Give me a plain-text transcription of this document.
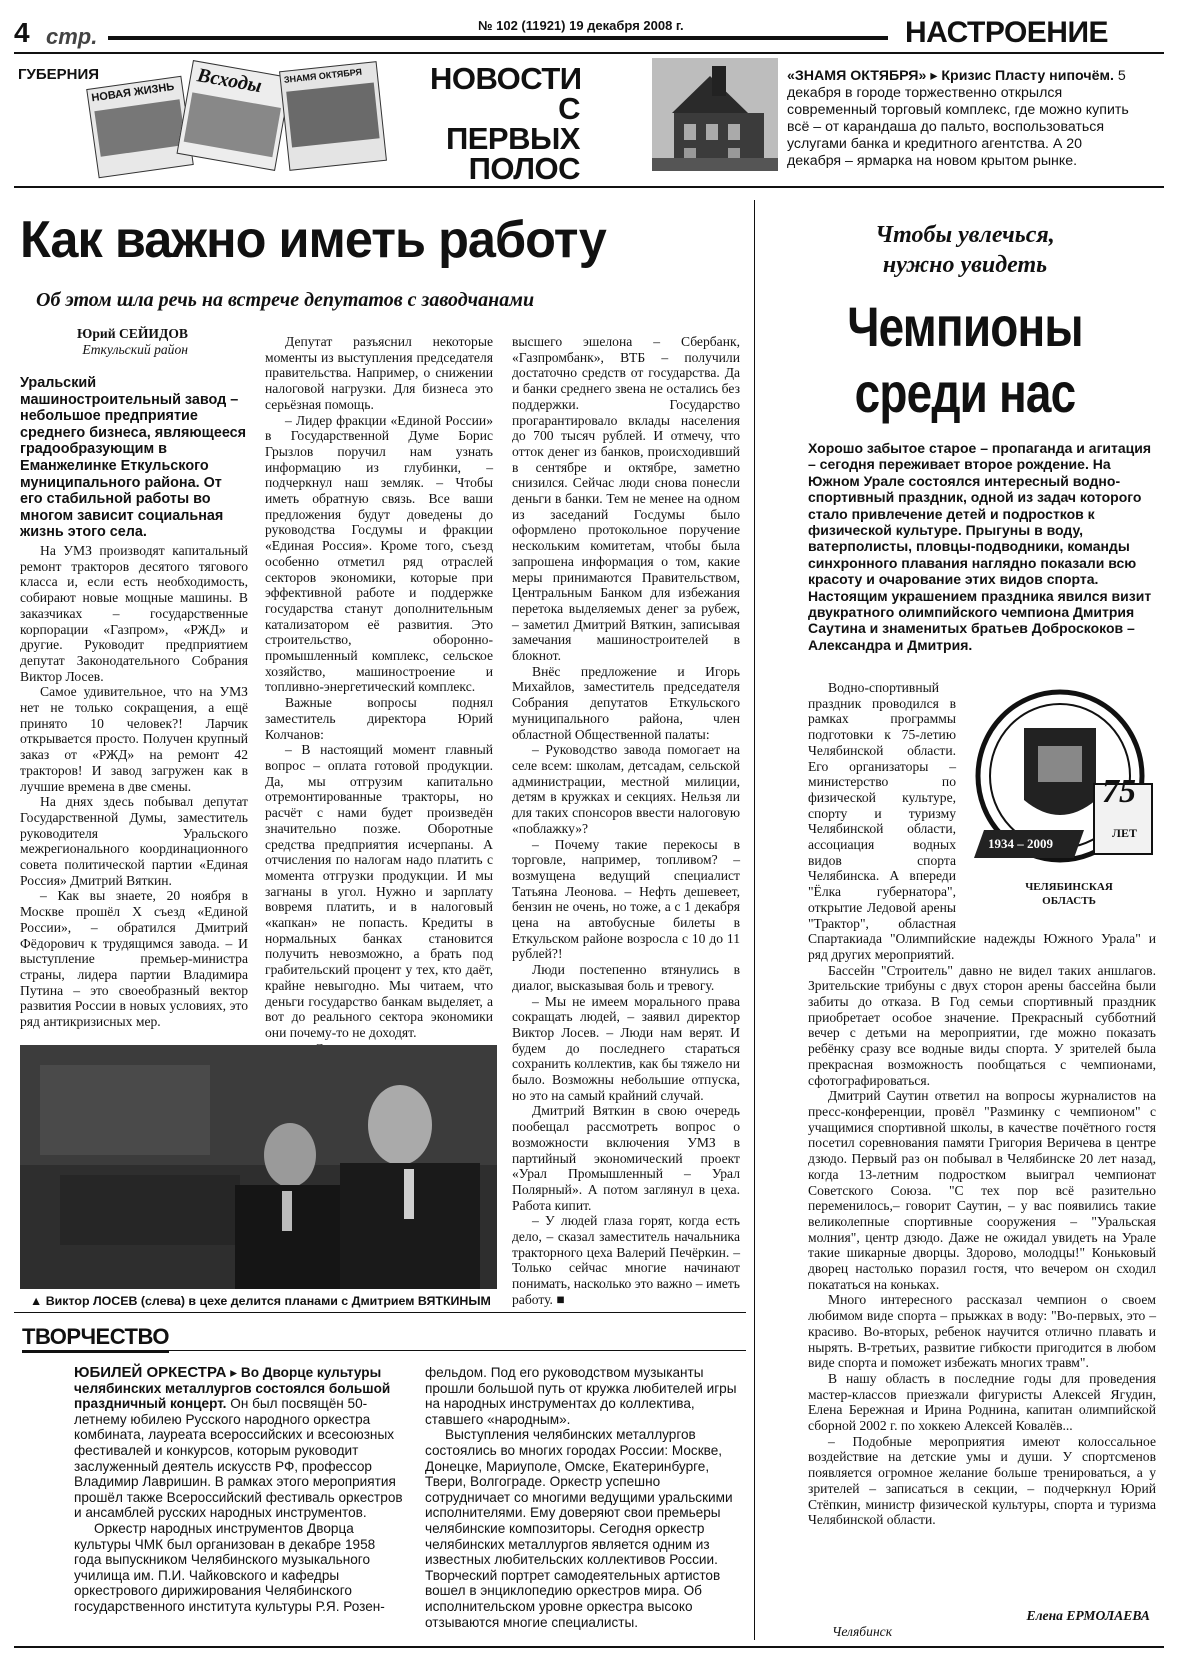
4 стр.	№ 102 (11921) 19 декабря 2008 г.	НАСТРОЕНИЕ
ГУБЕРНИЯ
НОВАЯ ЖИЗНЬ	Всходы	ЗНАМЯ ОКТЯБРЯ	НОВОСТИ
С ПЕРВЫХ
ПОЛОС
«ЗНАМЯ ОКТЯБРЯ» ▸ Кризис Пласту нипочём. 5 декабря в городе торжественно открылся современный торговый комплекс, где можно купить всё – от карандаша до пальто, воспользоваться услугами банка и кредитного агентства. А 20 декабря – ярмарка на новом крытом рынке.
Как важно иметь работу
Об этом шла речь на встрече депутатов с заводчанами
Юрий СЕЙИДОВ
Еткульский район
Уральский машиностроительный завод – небольшое предприятие среднего бизнеса, являющееся градообразующим в Еманжелинке Еткульского муниципального района. От его стабильной работы во многом зависит социальная жизнь этого села.

На УМЗ производят капитальный ремонт тракторов десятого тягового класса и, если есть необходимость, собирают новые мощные машины. В заказчиках – государственные корпорации «Газпром», «РЖД» и другие. Руководит предприятием депутат Законодательного Собрания Виктор Лосев.

Самое удивительное, что на УМЗ нет не только сокращения, а ещё принято 10 человек?! Ларчик открывается просто. Получен крупный заказ от «РЖД» на ремонт 42 тракторов! И завод загружен как в лучшие времена в две смены.

На днях здесь побывал депутат Государственной Думы, заместитель руководителя Уральского межрегионального координационного совета политической партии «Единая Россия» Дмитрий Вяткин.

– Как вы знаете, 20 ноября в Москве прошёл Х съезд «Единой России», – обратился Дмитрий Фёдорович к трудящимся завода. – И выступление премьер-министра страны, лидера партии Владимира Путина – это своеобразный вектор развития России в новых условиях, это ряд антикризисных мер.

Депутат разъяснил некоторые моменты из выступления председателя правительства. Например, о снижении налоговой нагрузки. Для бизнеса это серьёзная помощь.

– Лидер фракции «Единой России» в Государственной Думе Борис Грызлов поручил нам узнать информацию из глубинки, – подчеркнул наш земляк. – Чтобы иметь обратную связь. Все ваши предложения будут доведены до руководства Госдумы и фракции «Единая Россия». Кроме того, съезд особенно отметил ряд отраслей секторов экономики, которые при эффективной работе и поддержке государства станут дополнительным катализатором её развития. Это строительство, оборонно-промышленный комплекс, сельское хозяйство, машиностроение и топливно-энергетический комплекс.

Важные вопросы поднял заместитель директора Юрий Колчанов:

– В настоящий момент главный вопрос – оплата готовой продукции. Да, мы отгрузим капитально отремонтированные тракторы, но расчёт с нами будет произведён значительно позже. Оборотные средства предприятия исчерпаны. А отчисления по налогам надо платить с момента отгрузки продукции. И мы загнаны в угол. Нужно и зарплату вовремя платить, и в налоговый «капкан» не попасть. Кредиты в нормальных банках становится получить невозможно, а брать под грабительский процент у тех, кто даёт, крайне невыгодно. Мы читаем, что деньги государство банкам выделяет, а вот до реального сектора экономики они почему-то не доходят.

высшего эшелона – Сбербанк, «Газпромбанк», ВТБ – получили достаточно средств от государства. Да и банки среднего звена не остались без поддержки. Государство прогарантировало вклады населения до 700 тысяч рублей. И отмечу, что отток денег из банков, происходивший в сентябре и октябре, заметно снизился. Сейчас люди снова понесли деньги в банки. Тем не менее на одном из заседаний Госдумы было оформлено протокольное поручение нескольким комитетам, чтобы была запрошена информация о том, какие меры принимаются Правительством, Центральным Банком для избежания перетока выделяемых денег за рубеж, – заметил Дмитрий Вяткин, записывая замечания машиностроителей в блокнот.

Внёс предложение и Игорь Михайлов, заместитель председателя Собрания депутатов Еткульского муниципального района, член областной Общественной палаты:

– Руководство завода помогает на селе всем: школам, детсадам, сельской администрации, местной милиции, детям в кружках и секциях. Нельзя ли для таких спонсоров ввести налоговую «поблажку»?

– Почему такие перекосы в торговле, например, топливом? – возмущена ведущий специалист Татьяна Леонова. – Нефть дешевеет, бензин не очень, но тоже, а с 1 декабря цена на автобусные билеты в Еткульском районе возросла с 10 до 11 рублей?!

Люди постепенно втянулись в диалог, высказывая боль и тревогу.

– Мы не имеем морального права сокращать людей, – заявил директор Виктор Лосев. – Люди нам верят. И будем до последнего стараться сохранить коллектив, как бы тяжело ни было. Возможны небольшие отпуска, но это на самый крайний случай.

Дмитрий Вяткин в свою очередь пообещал рассмотреть вопрос о возможности включения УМЗ в партийный экономический проект «Урал Промышленный – Урал Полярный». А потом заглянул в цеха. Работа кипит.

– У людей глаза горят, когда есть дело, – сказал заместитель начальника тракторного цеха Валерий Печёркин. – Только сейчас многие начинают понимать, насколько это важно – иметь работу. ■

▲ Виктор ЛОСЕВ (слева) в цехе делится планами с Дмитрием ВЯТКИНЫМ
ТВОРЧЕСТВО
ЮБИЛЕЙ ОРКЕСТРА ▸ Во Дворце культуры челябинских металлургов состоялся большой праздничный концерт. Он был посвящён 50-летнему юбилею Русского народного оркестра комбината, лауреата всероссийских и всесоюзных фестивалей и конкурсов, которым руководит заслуженный деятель искусств РФ, профессор Владимир Лавришин. В рамках этого мероприятия прошёл также Всероссийский фестиваль оркестров и ансамблей русских народных инструментов.
Оркестр народных инструментов Дворца культуры ЧМК был организован в декабре 1958 года выпускником Челябинского музыкального училища им. П.И. Чайковского и кафедры оркестрового дирижирования Челябинского государственного института культуры Р.Я. Розен-
фельдом. Под его руководством музыканты прошли большой путь от кружка любителей игры на народных инструментах до коллектива, ставшего «народным».
Выступления челябинских металлургов состоялись во многих городах России: Москве, Донецке, Мариуполе, Омске, Екатеринбурге, Твери, Волгограде. Оркестр успешно сотрудничает со многими ведущими уральскими исполнителями. Ему доверяют свои премьеры челябинские композиторы. Сегодня оркестр челябинских металлургов является одним из известных любительских коллективов России. Творческий портрет самодеятельных артистов вошел в энциклопедию оркестров мира. Об исполнительском уровне оркестра высоко отзываются многие специалисты.
Чтобы увлечься,
нужно увидеть
Чемпионы
среди нас
Хорошо забытое старое – пропаганда и агитация – сегодня переживает второе рождение. На Южном Урале состоялся интересный водно-спортивный праздник, одной из задач которого стало привлечение детей и подростков к физической культуре. Прыгуны в воду, ватерполисты, пловцы-подводники, команды синхронного плавания наглядно показали всю красоту и очарование этих видов спорта. Настоящим украшением праздника явился визит двукратного олимпийского чемпиона Дмитрия Саутина и знаменитых братьев Доброскоков – Александра и Дмитрия.
75
ЛЕТ
1934 – 2009
ЧЕЛЯБИНСКАЯ ОБЛАСТЬ

Водно-спортивный праздник проводился в рамках программы подготовки к 75-летию Челябинской области. Его организаторы – министерство по физической культуре, спорту и туризму Челябинской области, ассоциация водных видов спорта Челябинска. А впереди "Ёлка губернатора", открытие Ледовой арены "Трактор", областная Спартакиада "Олимпийские надежды Южного Урала" и ряд других мероприятий.

Бассейн "Строитель" давно не видел таких аншлагов. Зрительские трибуны с двух сторон арены бассейна были забиты до отказа. В Год семьи спортивный праздник приобретает особое значение. Прекрасный субботний вечер с детьми на мероприятии, где можно показать ребёнку сразу все водные виды спорта. У зрителей была прекрасная возможность пообщаться с чемпионами, сфотографироваться.

Дмитрий Саутин ответил на вопросы журналистов на пресс-конференции, провёл "Разминку с чемпионом" с учащимися спортивной школы, в качестве почётного гостя посетил соревнования памяти Григория Веричева в центре дзюдо. Первый раз он побывал в Челябинске 20 лет назад, когда 13-летним подростком выиграл чемпионат Советского Союза. "С тех пор всё разительно переменилось,– говорит Саутин, – у вас появились такие великолепные спортивные сооружения – "Уральская молния", центр дзюдо. Даже не ожидал увидеть на Урале такие шикарные дворцы. Здорово, молодцы!" Коньковый дворец настолько поразил гостя, что вечером он сходил покататься на коньках.

Много интересного рассказал чемпион о своем любимом виде спорта – прыжках в воду: "Во-первых, это – красиво. Во-вторых, ребенок научится отлично плавать и нырять. В-третьих, развитие гибкости пригодится в любом виде спорта и поможет избежать многих травм".

В нашу область в последние годы для проведения мастер-классов приезжали фигуристы Алексей Ягудин, Елена Бережная и Ирина Роднина, капитан олимпийской сборной 2002 г. по хоккею Алексей Ковалёв...

– Подобные мероприятия имеют колоссальное воздействие на детские умы и души. У спортсменов появляется огромное желание больше тренироваться, а у зрителей – записаться в секции, – подчеркнул Юрий Стёпкин, министр физической культуры, спорта и туризма Челябинской области.

Елена ЕРМОЛАЕВА
Челябинск
